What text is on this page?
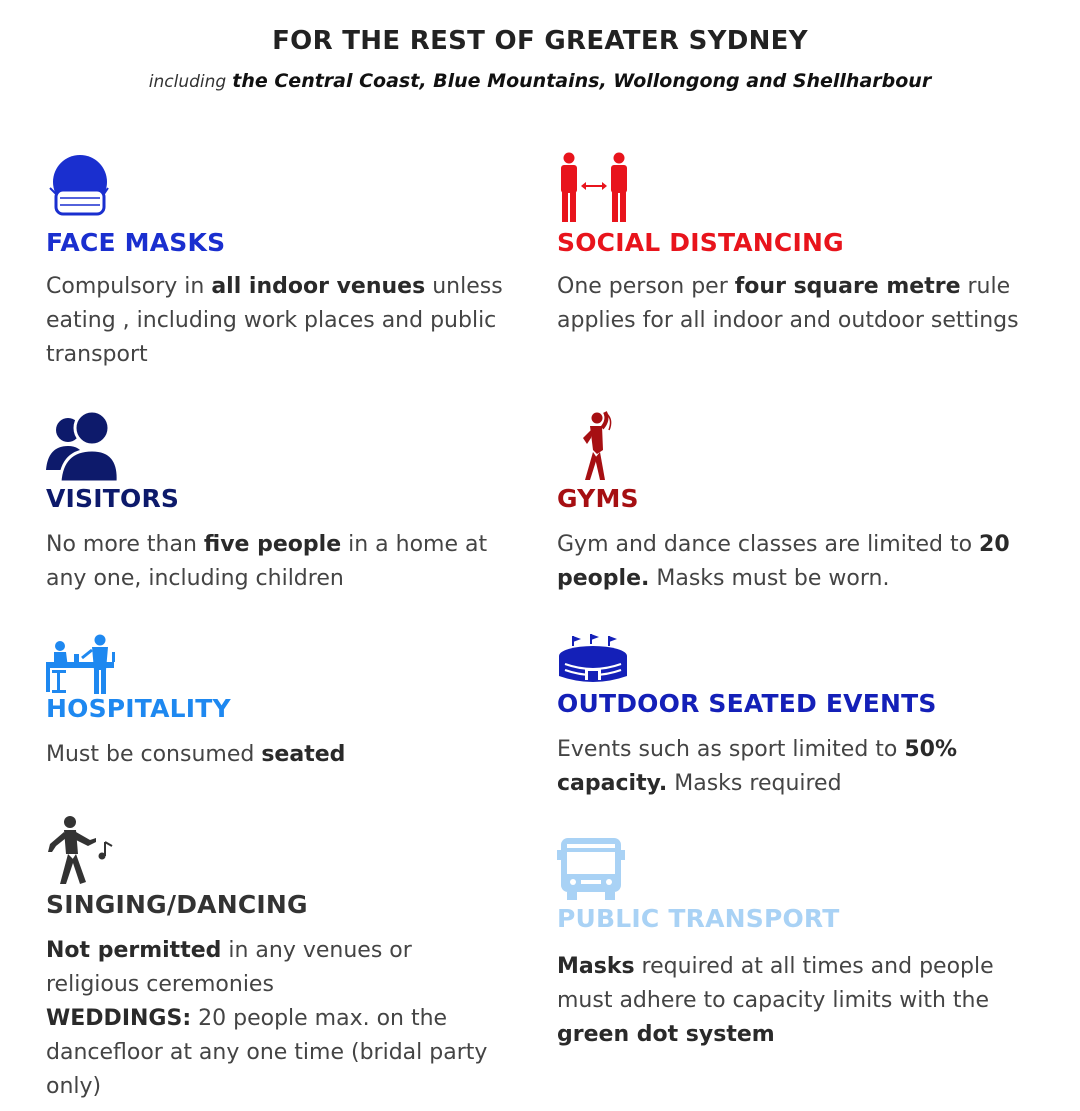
FOR THE REST OF GREATER SYDNEY
including the Central Coast, Blue Mountains, Wollongong and Shellharbour
FACE MASKS
Compulsory in all indoor venues unless eating , including work places and public transport
SOCIAL DISTANCING
One person per four square metre rule applies for all indoor and outdoor settings
VISITORS
No more than five people in a home at any one, including children
GYMS
Gym and dance classes are limited to 20 people. Masks must be worn.
HOSPITALITY
Must be consumed seated
OUTDOOR SEATED EVENTS
Events such as sport limited to 50% capacity. Masks required
SINGING/DANCING
Not permitted in any venues or religious ceremonies
WEDDINGS: 20 people max. on the dancefloor at any one time (bridal party only)
PUBLIC TRANSPORT
Masks required at all times and people must adhere to capacity limits with the green dot system
